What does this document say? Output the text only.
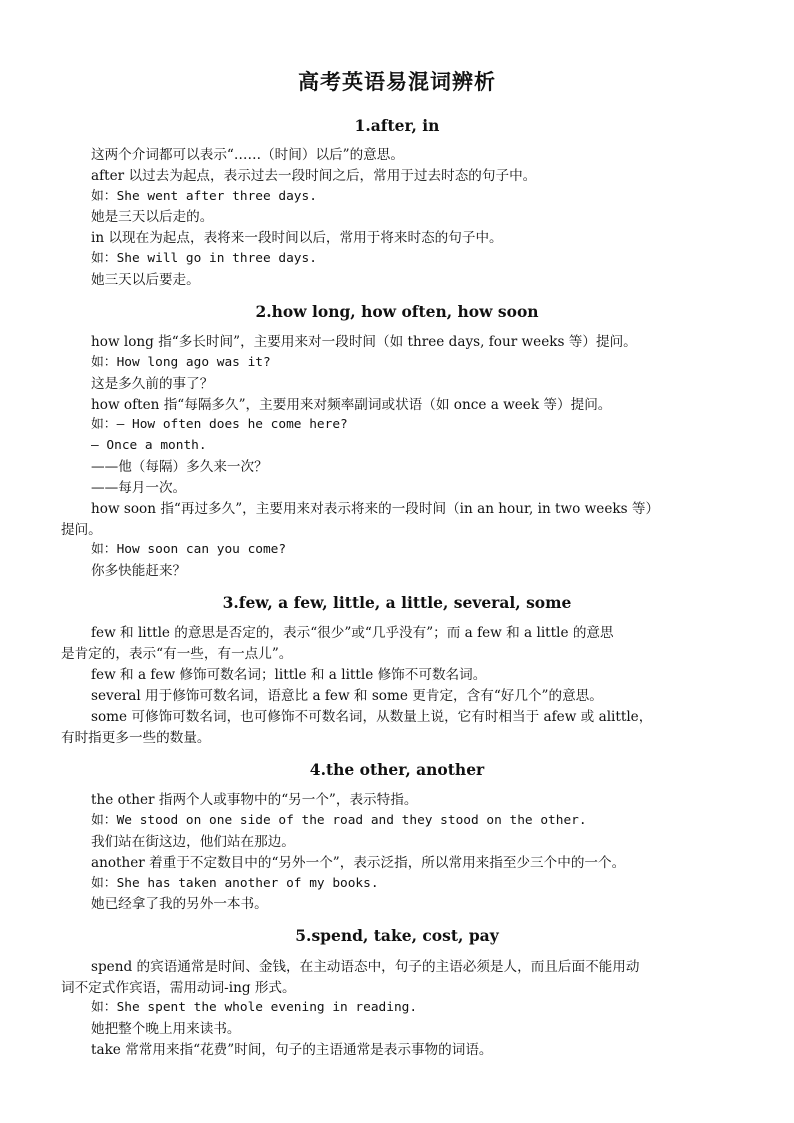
高考英语易混词辨析
1.after, in
这两个介词都可以表示“……（时间）以后”的意思。
after 以过去为起点，表示过去一段时间之后，常用于过去时态的句子中。
如：She went after three days.
她是三天以后走的。
in 以现在为起点，表将来一段时间以后，常用于将来时态的句子中。
如：She will go in three days.
她三天以后要走。
2.how long, how often, how soon
how long 指“多长时间”，主要用来对一段时间（如 three days, four weeks 等）提问。
如：How long ago was it?
这是多久前的事了？
how often 指“每隔多久”，主要用来对频率副词或状语（如 once a week 等）提问。
如：— How often does he come here?
— Once a month.
——他（每隔）多久来一次？
——每月一次。
how soon 指“再过多久”，主要用来对表示将来的一段时间（in an hour, in two weeks 等）
提问。
如：How soon can you come?
你多快能赶来？
3.few, a few, little, a little, several, some
few 和 little 的意思是否定的，表示“很少”或“几乎没有”；而 a few 和 a little 的意思
是肯定的，表示“有一些，有一点儿”。
few 和 a few 修饰可数名词；little 和 a little 修饰不可数名词。
several 用于修饰可数名词，语意比 a few 和 some 更肯定，含有“好几个”的意思。
some 可修饰可数名词，也可修饰不可数名词，从数量上说，它有时相当于 afew 或 alittle，
有时指更多一些的数量。
4.the other, another
the other 指两个人或事物中的“另一个”，表示特指。
如：We stood on one side of the road and they stood on the other.
我们站在街这边，他们站在那边。
another 着重于不定数目中的“另外一个”，表示泛指，所以常用来指至少三个中的一个。
如：She has taken another of my books.
她已经拿了我的另外一本书。
5.spend, take, cost, pay
spend 的宾语通常是时间、金钱，在主动语态中，句子的主语必须是人，而且后面不能用动
词不定式作宾语，需用动词-ing 形式。
如：She spent the whole evening in reading.
她把整个晚上用来读书。
take 常常用来指“花费”时间，句子的主语通常是表示事物的词语。
